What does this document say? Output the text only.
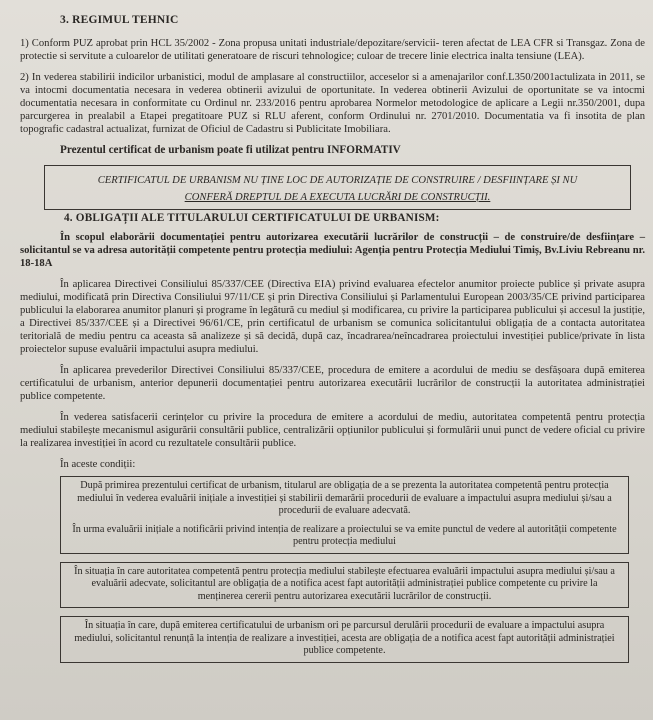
3. REGIMUL TEHNIC

1) Conform PUZ aprobat prin HCL 35/2002 - Zona propusa unitati industriale/depozitare/servicii- teren afectat de LEA CFR si Transgaz. Zona de protectie si servitute a culoarelor de utilitati generatoare de riscuri tehnologice; culoar de trecere linie electrica inalta tensiune (LEA).

2) In vederea stabilirii indicilor urbanistici, modul de amplasare al constructiilor, acceselor si a amenajarilor conf.L350/2001actulizata in 2011, se va intocmi documentatia necesara in vederea obtinerii avizului de oportunitate. In vederea obtinerii Avizului de oportunitate se va intocmi documentatia necesara in conformitate cu Ordinul nr. 233/2016 pentru aprobarea Normelor metodologice de aplicare a Legii nr.350/2001, dupa parcurgerea in prealabil a Etapei pregatitoare PUZ si RLU aferent, conform Ordinului nr. 2701/2010. Documentatia va fi insotita de plan topografic cadastral actualizat, furnizat de Oficiul de Cadastru si Publicitate Imobiliara.

Prezentul certificat de urbanism poate fi utilizat pentru INFORMATIV
CERTIFICATUL DE URBANISM NU ȚINE LOC DE AUTORIZAȚIE DE CONSTRUIRE / DESFIINȚARE ȘI NU
CONFERĂ DREPTUL DE A EXECUTA LUCRĂRI DE CONSTRUCȚII.
4. OBLIGAȚII ALE TITULARULUI CERTIFICATULUI DE URBANISM:

În scopul elaborării documentației pentru autorizarea executării lucrărilor de construcții – de construire/de desființare – solicitantul se va adresa autorității competente pentru protecția mediului: Agenția pentru Protecția Mediului Timiș, Bv.Liviu Rebreanu nr. 18-18A

În aplicarea Directivei Consiliului 85/337/CEE (Directiva EIA) privind evaluarea efectelor anumitor proiecte publice și private asupra mediului, modificată prin Directiva Consiliului 97/11/CE și prin Directiva Consiliului și Parlamentului European 2003/35/CE privind participarea publicului la elaborarea anumitor planuri și programe în legătură cu mediul și modificarea, cu privire la participarea publicului și accesul la justiție, a Directivei 85/337/CEE și a Directivei 96/61/CE, prin certificatul de urbanism se comunica solicitantului obligația de a contacta autoritatea teritorială de mediu pentru ca aceasta să analizeze și să decidă, după caz, încadrarea/neîncadrarea proiectului investiției publice/private în lista proiectelor supuse evaluării impactului asupra mediului.

În aplicarea prevederilor Directivei Consiliului 85/337/CEE, procedura de emitere a acordului de mediu se desfășoara după emiterea certificatului de urbanism, anterior depunerii documentației pentru autorizarea executării lucrărilor de construcții la autoritatea administrației publice competente.

În vederea satisfacerii cerințelor cu privire la procedura de emitere a acordului de mediu, autoritatea competentă pentru protecția mediului stabilește mecanismul asigurării consultării publice, centralizării opțiunilor publicului și formulării unui punct de vedere oficial cu privire la realizarea investiției în acord cu rezultatele consultării publice.

În aceste condiții:

După primirea prezentului certificat de urbanism, titularul are obligația de a se prezenta la autoritatea competentă pentru protecția mediului în vederea evaluării inițiale a investiției și stabilirii demarării procedurii de evaluare a impactului asupra mediului și/sau a procedurii de evaluare adecvată.

În urma evaluării inițiale a notificării privind intenția de realizare a proiectului se va emite punctul de vedere al autorității competente pentru protecția mediului

În situația în care autoritatea competentă pentru protecția mediului stabilește efectuarea evaluării impactului asupra mediului și/sau a evaluării adecvate, solicitantul are obligația de a notifica acest fapt autorității administrației publice competente cu privire la menținerea cererii pentru autorizarea executării lucrărilor de construcții.

În situația în care, după emiterea certificatului de urbanism ori pe parcursul derulării procedurii de evaluare a impactului asupra mediului, solicitantul renunță la intenția de realizare a investiției, acesta are obligația de a notifica acest fapt autorității administrației publice competente.
